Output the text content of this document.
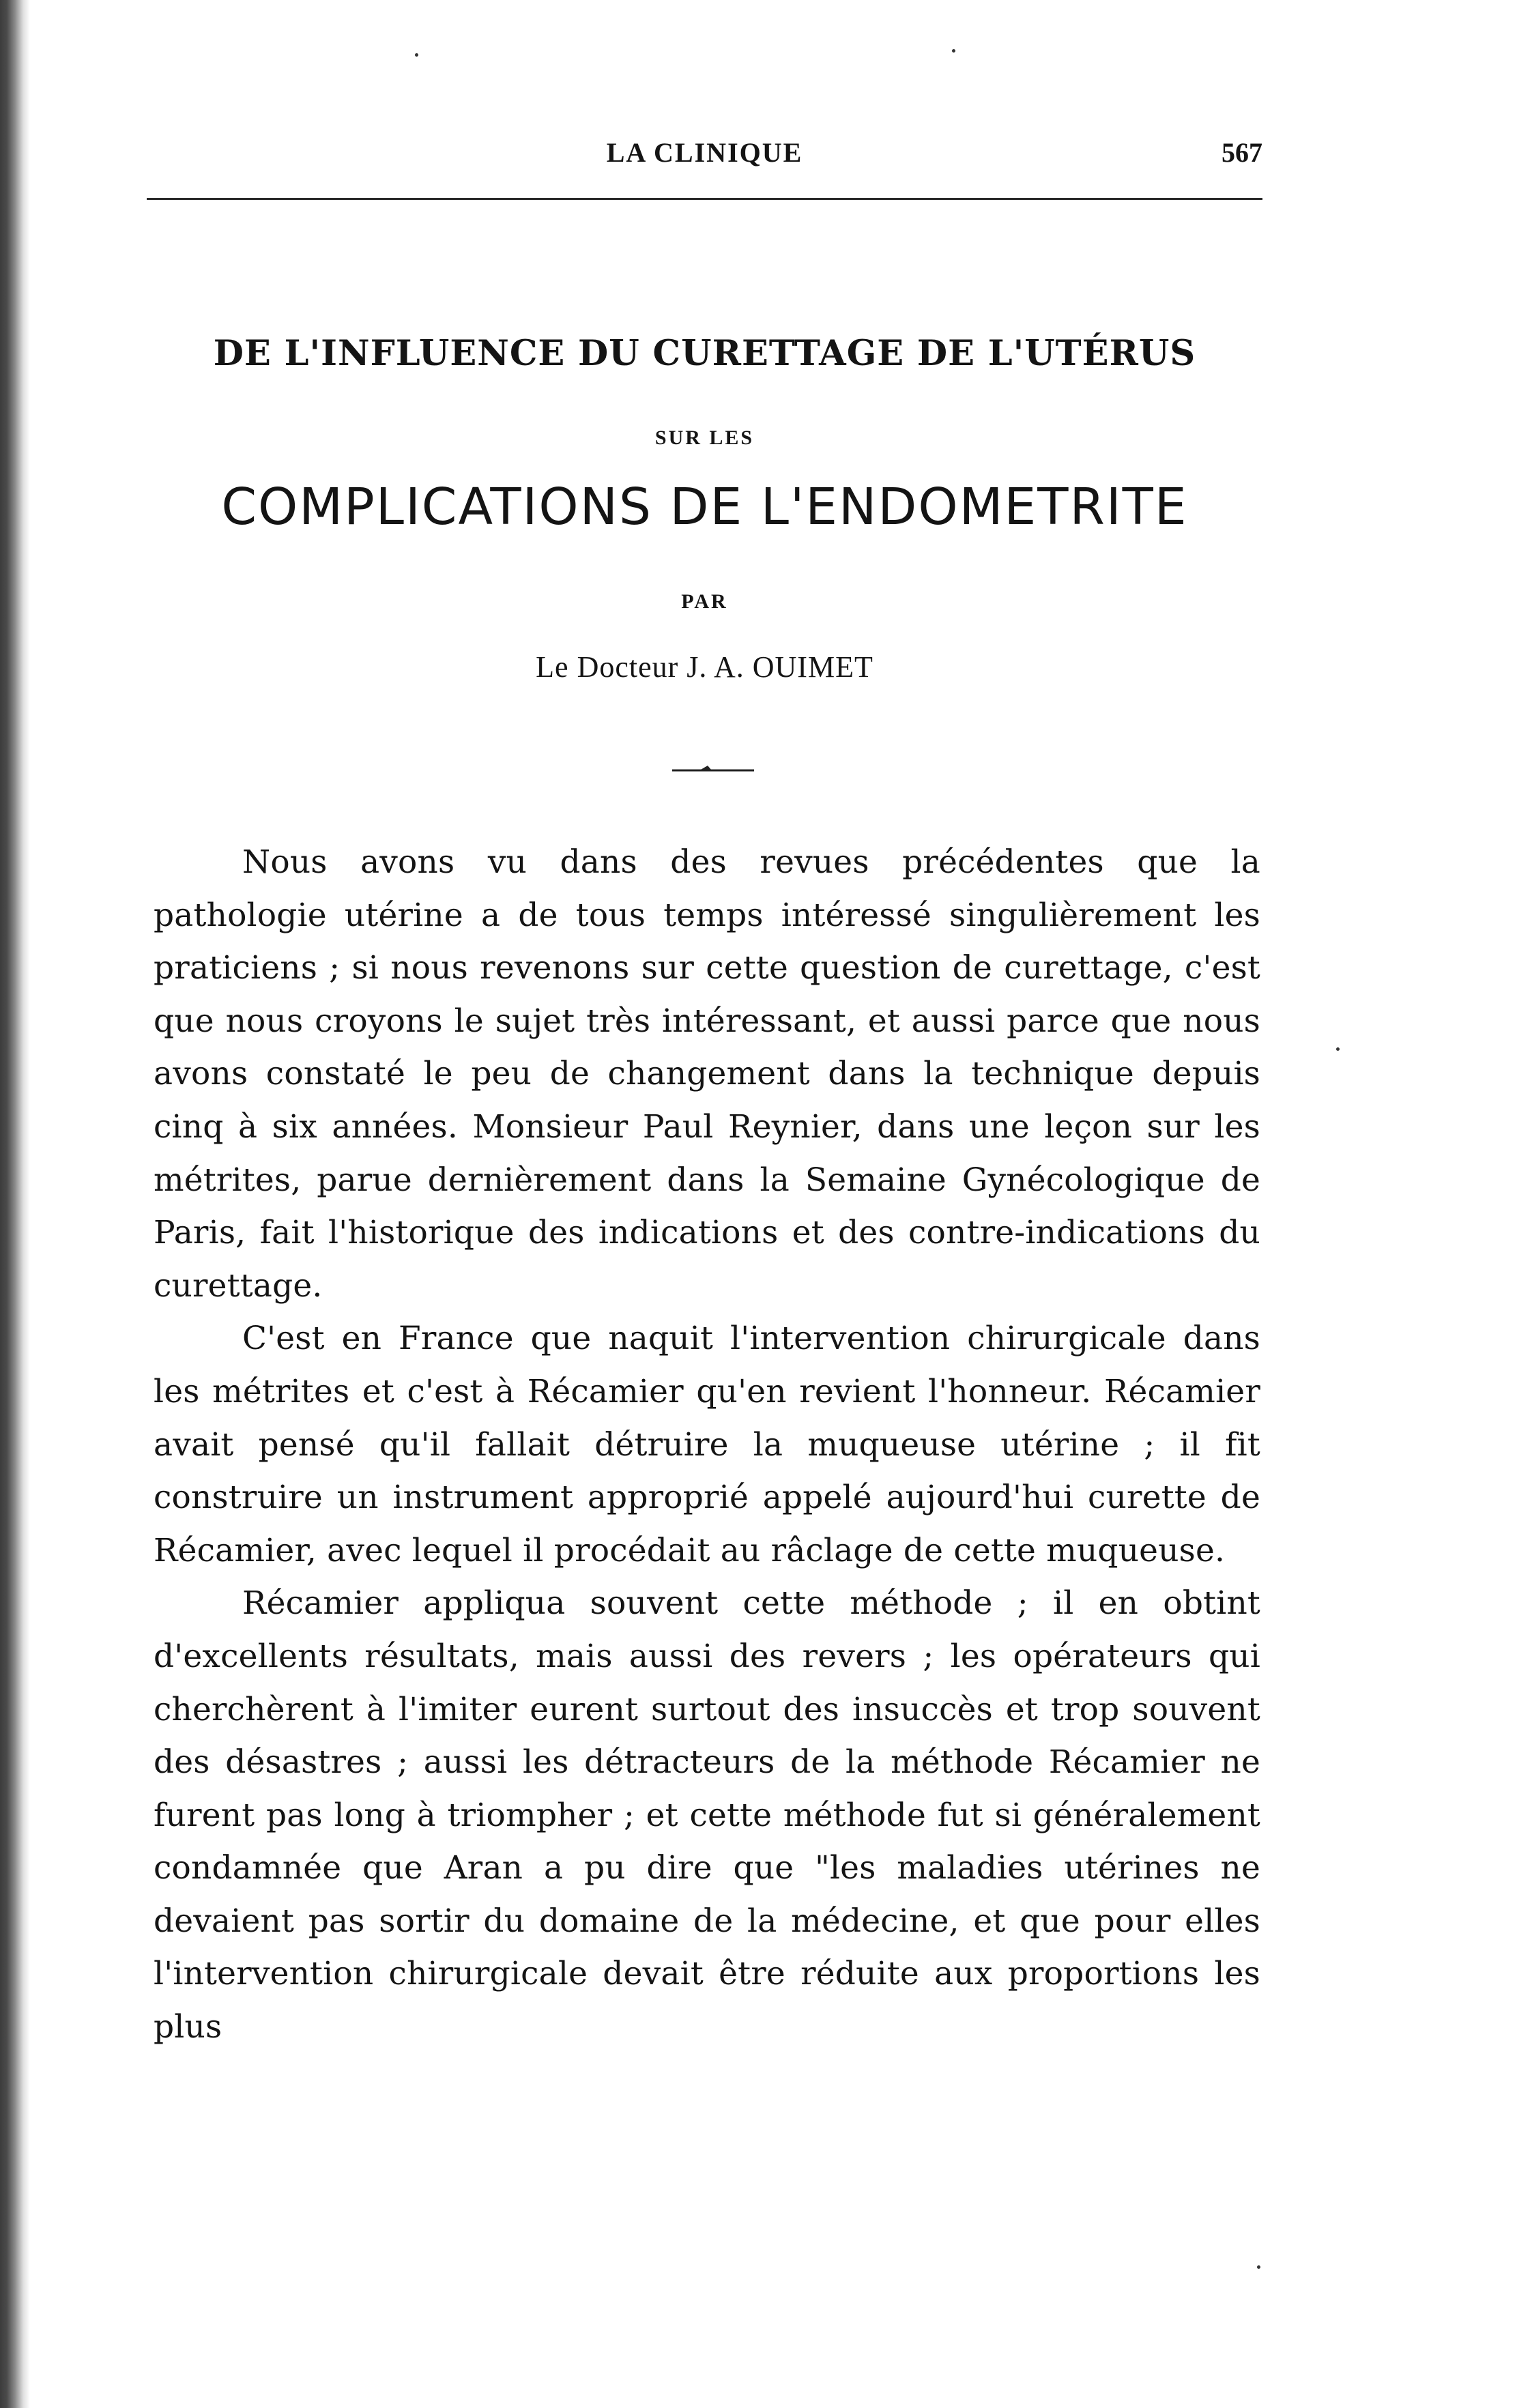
LA CLINIQUE	567
DE L'INFLUENCE DU CURETTAGE DE L'UTÉRUS
SUR LES
COMPLICATIONS DE L'ENDOMETRITE
PAR
Le Docteur J. A. OUIMET

Nous avons vu dans des revues précédentes que la pathologie utérine a de tous temps intéressé singulièrement les praticiens ; si nous revenons sur cette question de curettage, c'est que nous croyons le sujet très intéressant, et aussi parce que nous avons constaté le peu de changement dans la technique depuis cinq à six années. Monsieur Paul Reynier, dans une leçon sur les métrites, parue dernièrement dans la Semaine Gynécologique de Paris, fait l'historique des indications et des contre-indications du curettage.

C'est en France que naquit l'intervention chirurgicale dans les métrites et c'est à Récamier qu'en revient l'honneur. Récamier avait pensé qu'il fallait détruire la muqueuse utérine ; il fit construire un instrument approprié appelé aujourd'hui curette de Récamier, avec lequel il procédait au râclage de cette muqueuse.

Récamier appliqua souvent cette méthode ; il en obtint d'excellents résultats, mais aussi des revers ; les opérateurs qui cherchèrent à l'imiter eurent surtout des insuccès et trop souvent des désastres ; aussi les détracteurs de la méthode Récamier ne furent pas long à triompher ; et cette méthode fut si généralement condamnée que Aran a pu dire que "les maladies utérines ne devaient pas sortir du domaine de la médecine, et que pour elles l'intervention chirurgicale devait être réduite aux proportions les plus
